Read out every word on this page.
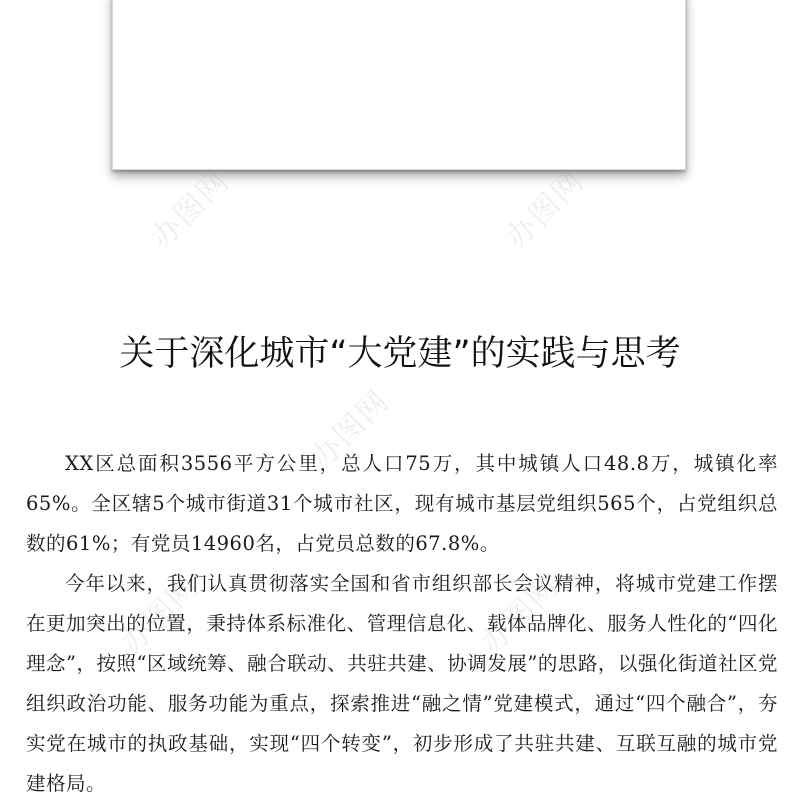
办图网	办图网
办图网
办图网	办图网
关于深化城市“大党建”的实践与思考

XX区总面积3556平方公里，总人口75万，其中城镇人口48.8万，城镇化率65%。全区辖5个城市街道31个城市社区，现有城市基层党组织565个，占党组织总数的61%；有党员14960名，占党员总数的67.8%。

今年以来，我们认真贯彻落实全国和省市组织部长会议精神，将城市党建工作摆在更加突出的位置，秉持体系标准化、管理信息化、载体品牌化、服务人性化的“四化理念”，按照“区域统筹、融合联动、共驻共建、协调发展”的思路，以强化街道社区党组织政治功能、服务功能为重点，探索推进“融之情”党建模式，通过“四个融合”，夯实党在城市的执政基础，实现“四个转变”，初步形成了共驻共建、互联互融的城市党建格局。
